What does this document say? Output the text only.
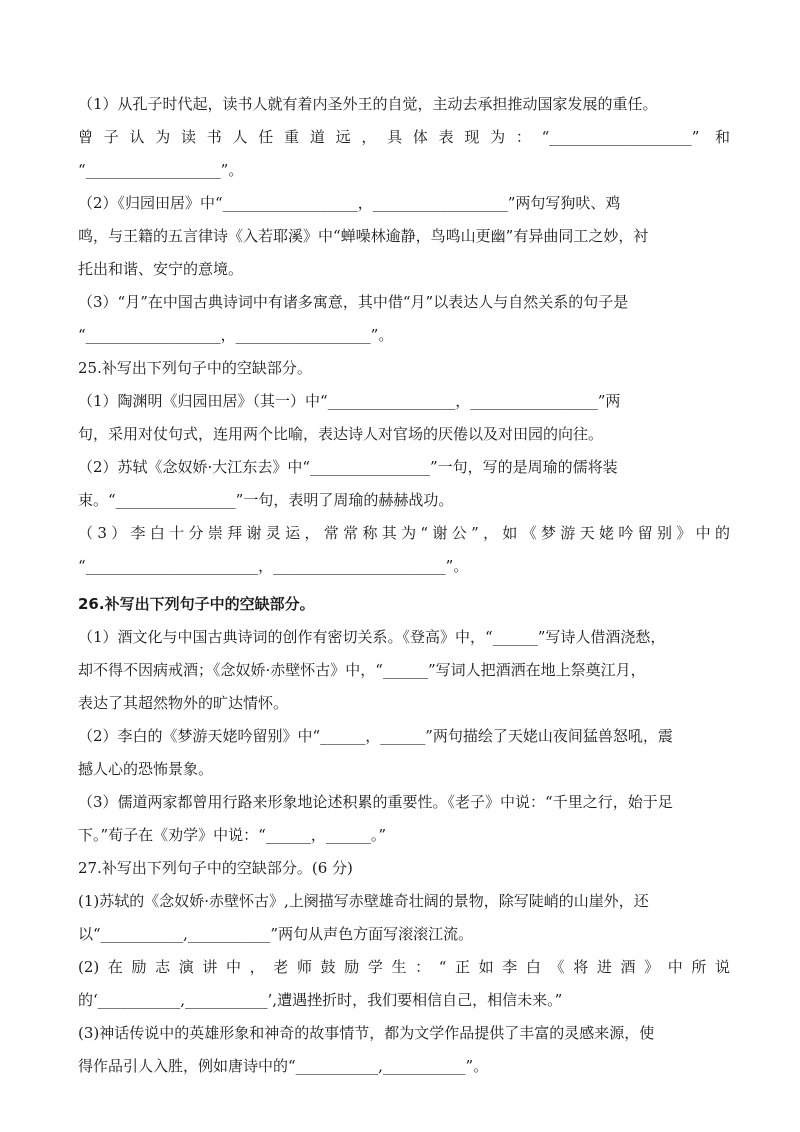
（1）从孔子时代起，读书人就有着内圣外王的自觉，主动去承担推动国家发展的重任。
曾子认为读书人任重道远，具体表现为：“___________________” 和
“__________________”。
（2）《归园田居》中“__________________，__________________”两句写狗吠、鸡
鸣，与王籍的五言律诗《入若耶溪》中“蝉噪林逾静，鸟鸣山更幽”有异曲同工之妙，衬
托出和谐、安宁的意境。
（3）“月”在中国古典诗词中有诸多寓意，其中借“月”以表达人与自然关系的句子是
“__________________，__________________”。
25.补写出下列句子中的空缺部分。
（1）陶渊明《归园田居》（其一）中“_________________，_________________”两
句，采用对仗句式，连用两个比喻，表达诗人对官场的厌倦以及对田园的向往。
（2）苏轼《念奴娇·大江东去》中“________________”一句，写的是周瑜的儒将装
束。“________________”一句，表明了周瑜的赫赫战功。
（3）李白十分崇拜谢灵运，常常称其为“谢公”，如《梦游天姥吟留别》中的
“_______________________，_______________________”。
26.补写出下列句子中的空缺部分。
（1）酒文化与中国古典诗词的创作有密切关系。《登高》中，“______”写诗人借酒浇愁，
却不得不因病戒酒；《念奴娇·赤壁怀古》中，“______”写词人把酒洒在地上祭奠江月，
表达了其超然物外的旷达情怀。
（2）李白的《梦游天姥吟留别》中“______，______”两句描绘了天姥山夜间猛兽怒吼，震
撼人心的恐怖景象。
（3）儒道两家都曾用行路来形象地论述积累的重要性。《老子》中说：“千里之行，始于足
下。”荀子在《劝学》中说：“______，______。”
27.补写出下列句子中的空缺部分。(6 分)
(1)苏轼的《念奴娇·赤壁怀古》,上阕描写赤壁雄奇壮阔的景物，除写陡峭的山崖外，还
以“___________,___________”两句从声色方面写滚滚江流。
(2)在励志演讲中，老师鼓励学生：“正如李白《将进酒》中所说
的‘___________,___________’,遭遇挫折时，我们要相信自己，相信未来。”
(3)神话传说中的英雄形象和神奇的故事情节，都为文学作品提供了丰富的灵感来源，使
得作品引人入胜，例如唐诗中的“___________,___________”。
